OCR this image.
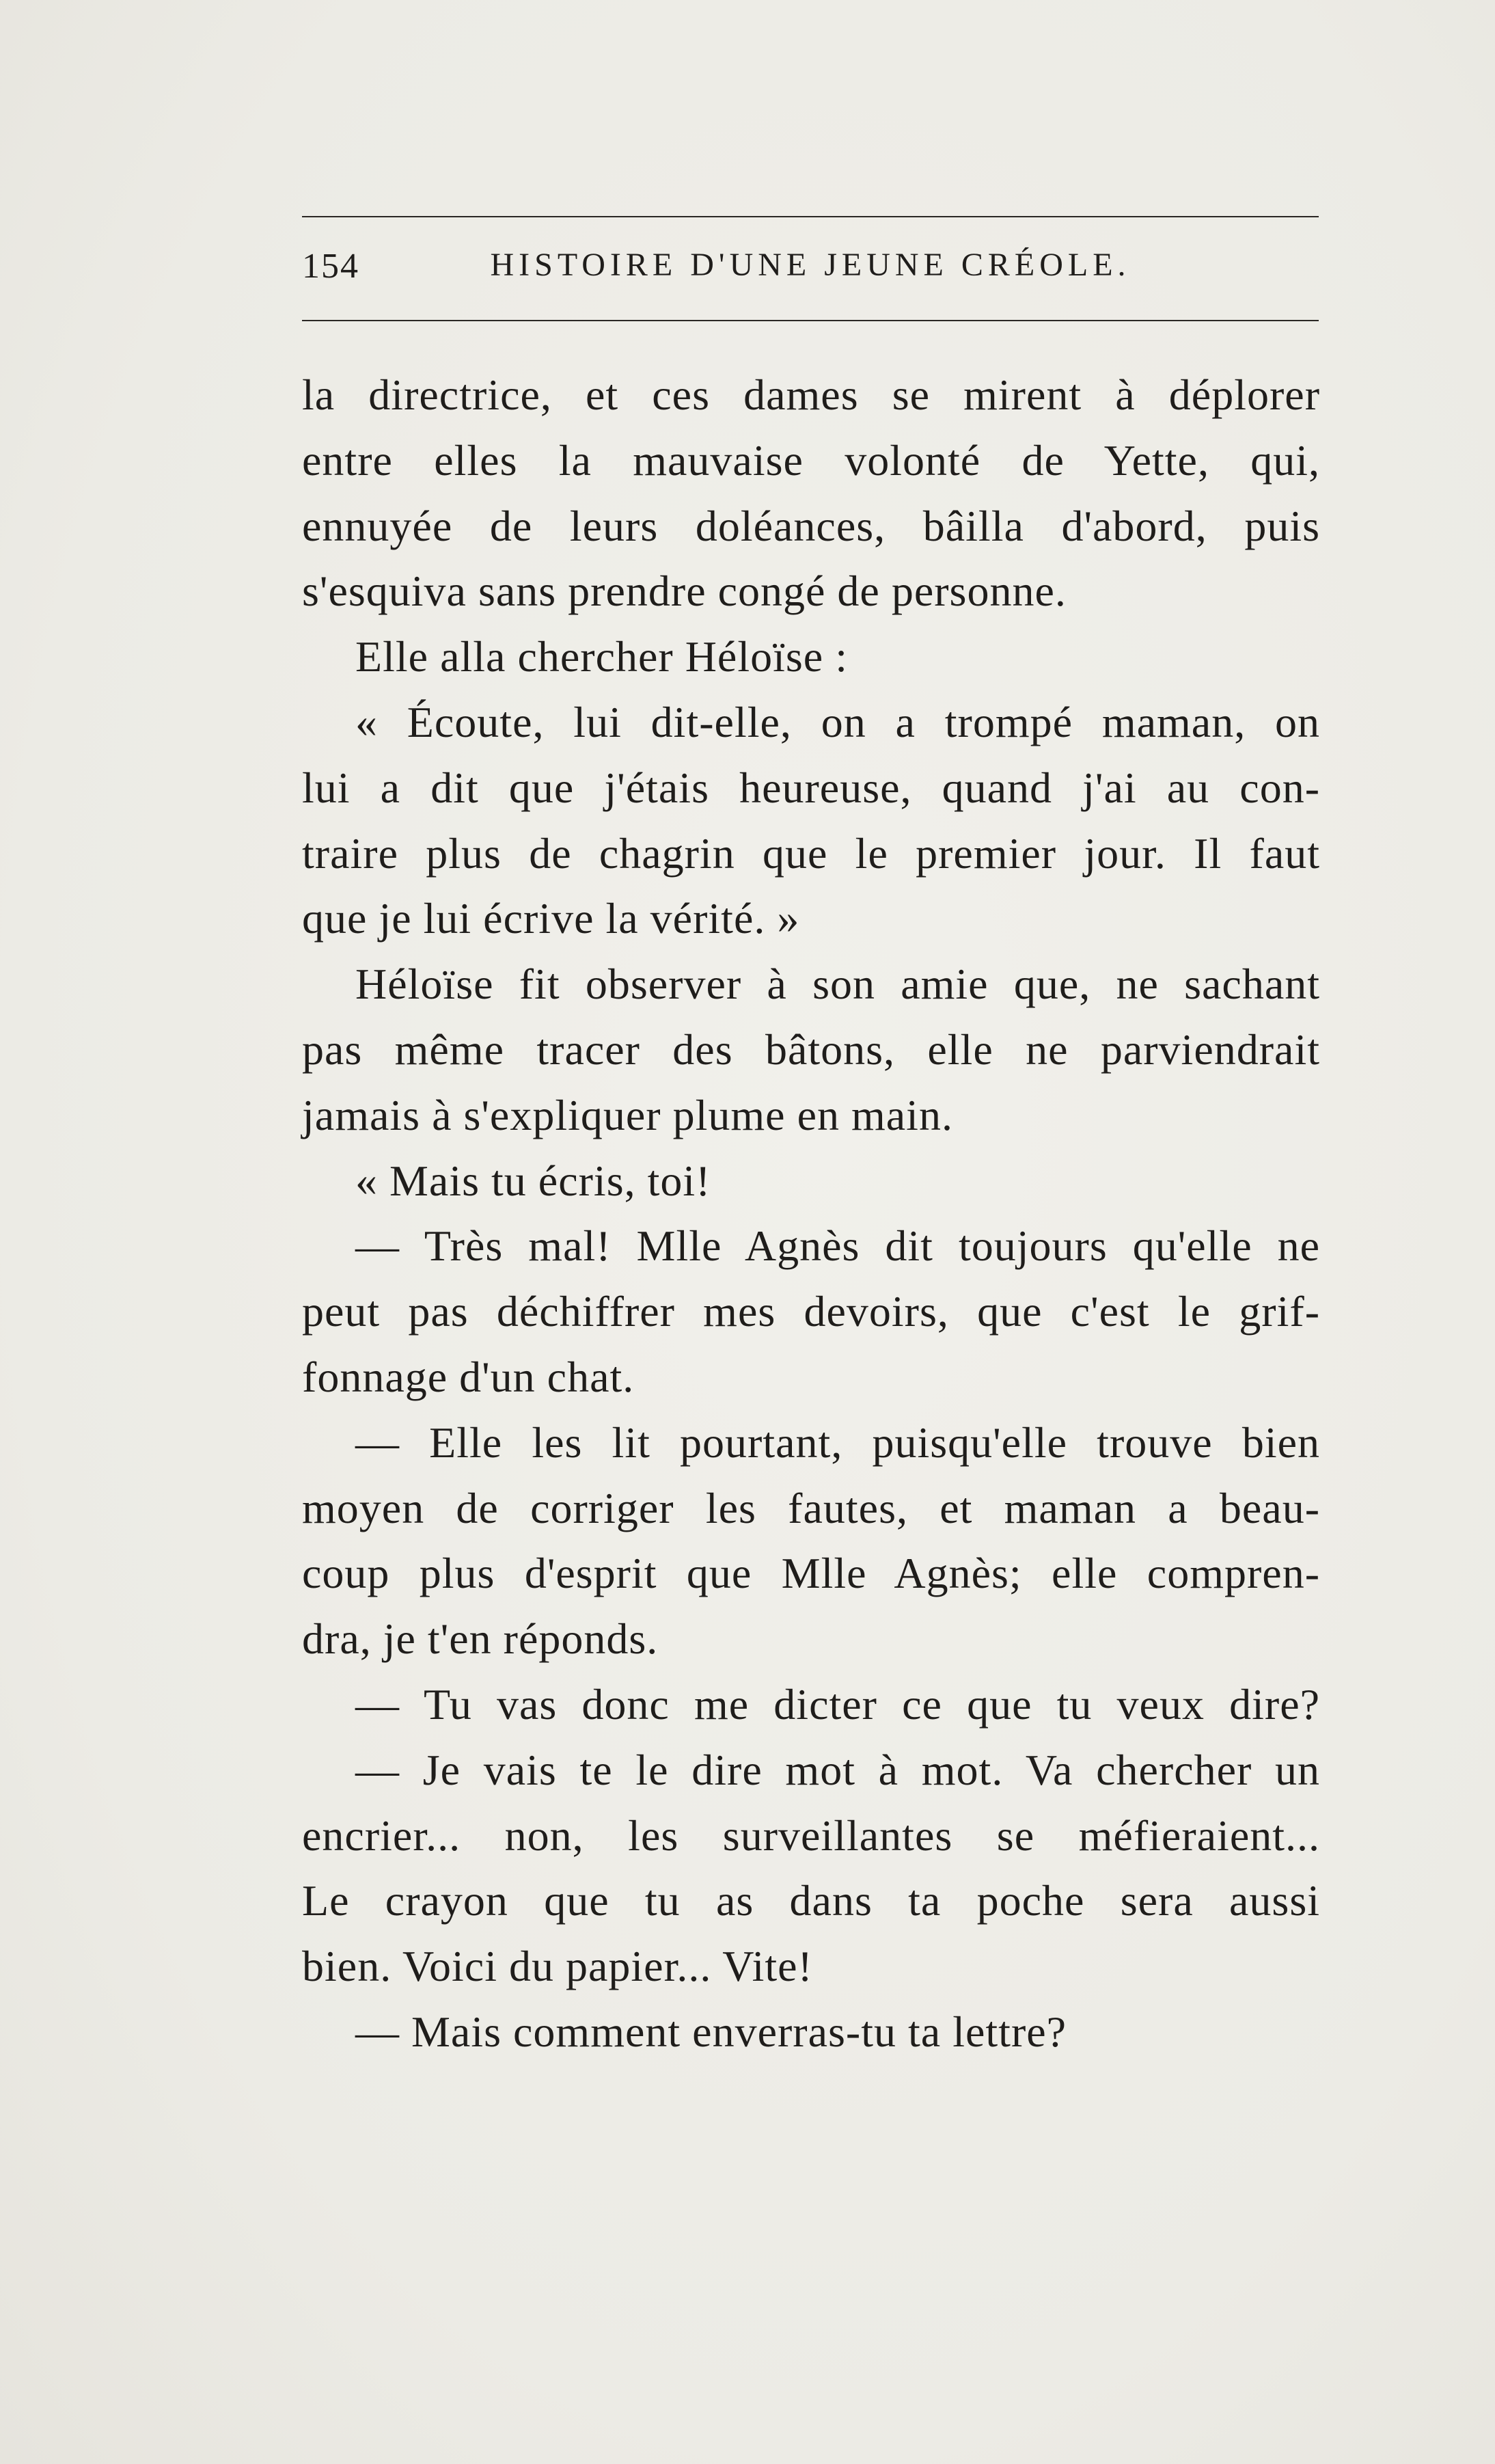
154	HISTOIRE D'UNE JEUNE CRÉOLE.
la directrice, et ces dames se mirent à déplorer
entre elles la mauvaise volonté de Yette, qui,
ennuyée de leurs doléances, bâilla d'abord, puis
s'esquiva sans prendre congé de personne.
Elle alla chercher Héloïse :
« Écoute, lui dit-elle, on a trompé maman, on
lui a dit que j'étais heureuse, quand j'ai au con-
traire plus de chagrin que le premier jour. Il faut
que je lui écrive la vérité. »
Héloïse fit observer à son amie que, ne sachant
pas même tracer des bâtons, elle ne parviendrait
jamais à s'expliquer plume en main.
« Mais tu écris, toi!
— Très mal! Mlle Agnès dit toujours qu'elle ne
peut pas déchiffrer mes devoirs, que c'est le grif-
fonnage d'un chat.
— Elle les lit pourtant, puisqu'elle trouve bien
moyen de corriger les fautes, et maman a beau-
coup plus d'esprit que Mlle Agnès; elle compren-
dra, je t'en réponds.
— Tu vas donc me dicter ce que tu veux dire?
— Je vais te le dire mot à mot. Va chercher un
encrier... non, les surveillantes se méfieraient...
Le crayon que tu as dans ta poche sera aussi
bien. Voici du papier... Vite!
— Mais comment enverras-tu ta lettre?
